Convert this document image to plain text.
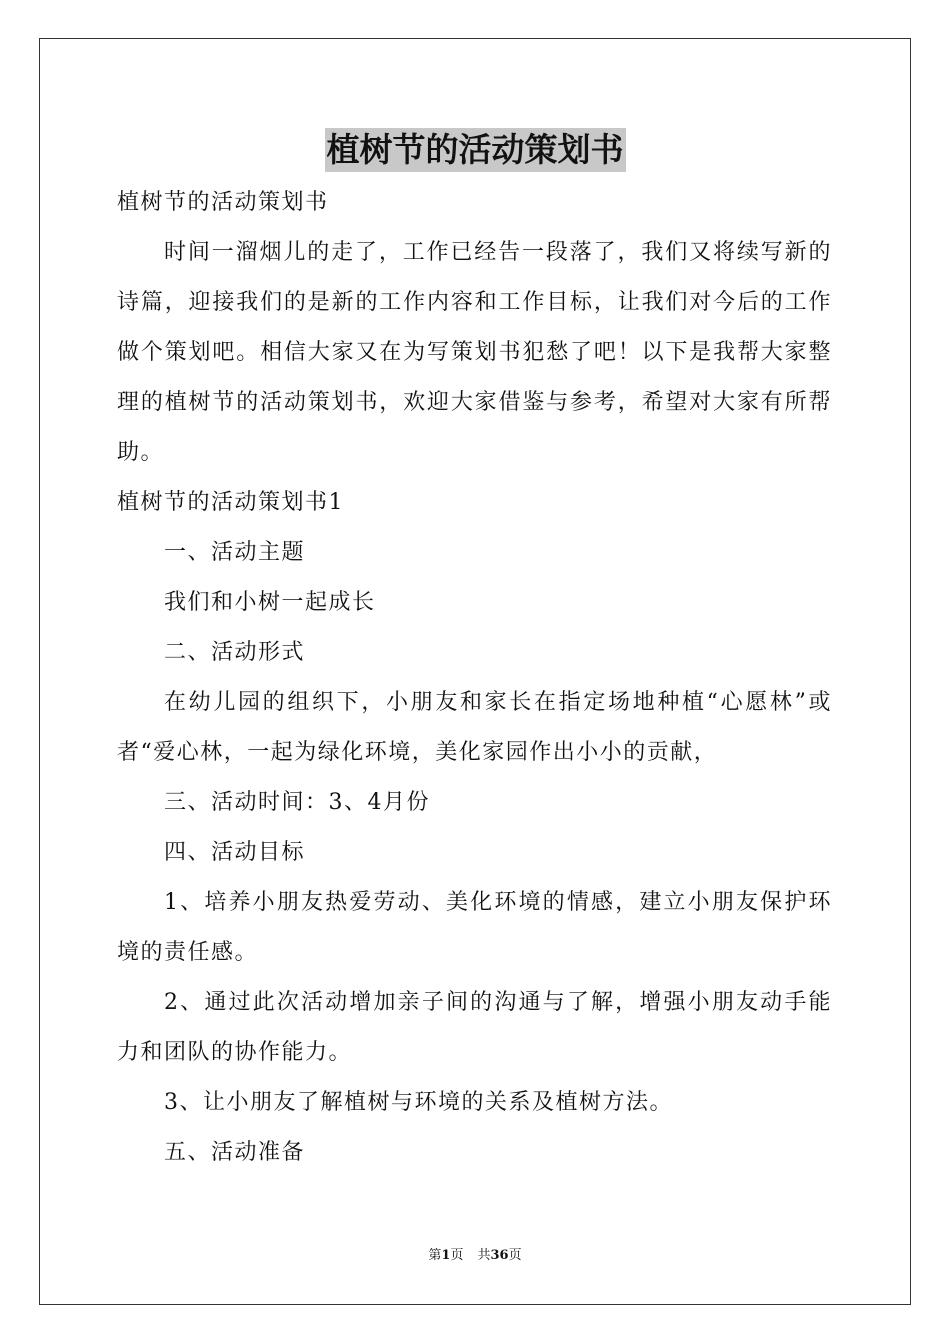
植树节的活动策划书

植树节的活动策划书

时间一溜烟儿的走了，工作已经告一段落了，我们又将续写新的诗篇，迎接我们的是新的工作内容和工作目标，让我们对今后的工作做个策划吧。相信大家又在为写策划书犯愁了吧！以下是我帮大家整理的植树节的活动策划书，欢迎大家借鉴与参考，希望对大家有所帮助。

植树节的活动策划书1

一、活动主题

我们和小树一起成长

二、活动形式

在幼儿园的组织下，小朋友和家长在指定场地种植“心愿林”或者“爱心林，一起为绿化环境，美化家园作出小小的贡献，

三、活动时间：3、4月份

四、活动目标

1、培养小朋友热爱劳动、美化环境的情感，建立小朋友保护环境的责任感。

2、通过此次活动增加亲子间的沟通与了解，增强小朋友动手能力和团队的协作能力。

3、让小朋友了解植树与环境的关系及植树方法。

五、活动准备

第1页 共36页
